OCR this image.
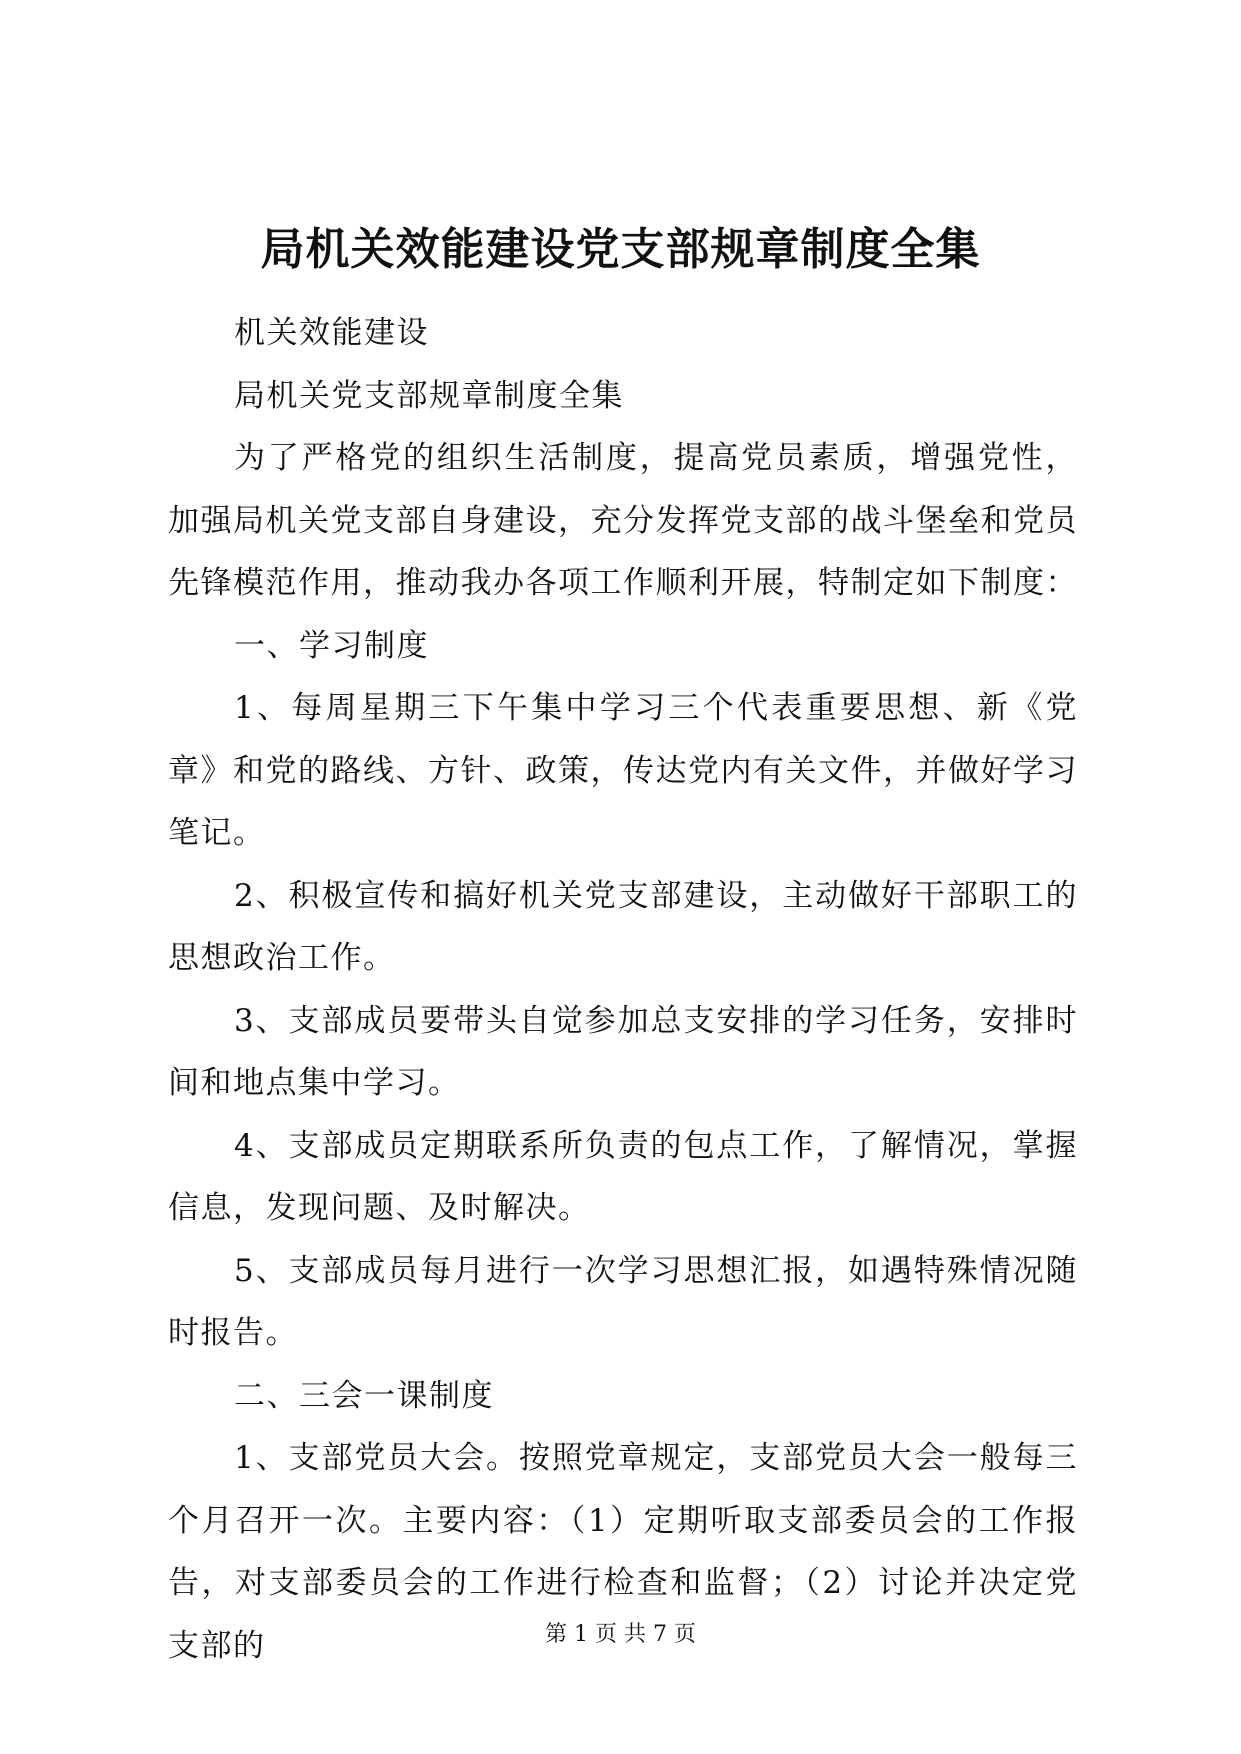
局机关效能建设党支部规章制度全集

机关效能建设

局机关党支部规章制度全集

为了严格党的组织生活制度，提高党员素质，增强党性，加强局机关党支部自身建设，充分发挥党支部的战斗堡垒和党员先锋模范作用，推动我办各项工作顺利开展，特制定如下制度：

一、学习制度

1、每周星期三下午集中学习三个代表重要思想、新《党章》和党的路线、方针、政策，传达党内有关文件，并做好学习笔记。

2、积极宣传和搞好机关党支部建设，主动做好干部职工的思想政治工作。

3、支部成员要带头自觉参加总支安排的学习任务，安排时间和地点集中学习。

4、支部成员定期联系所负责的包点工作，了解情况，掌握信息，发现问题、及时解决。

5、支部成员每月进行一次学习思想汇报，如遇特殊情况随时报告。

二、三会一课制度

1、支部党员大会。按照党章规定，支部党员大会一般每三个月召开一次。主要内容：（1）定期听取支部委员会的工作报告，对支部委员会的工作进行检查和监督；（2）讨论并决定党支部的	第 1 页 共 7 页
